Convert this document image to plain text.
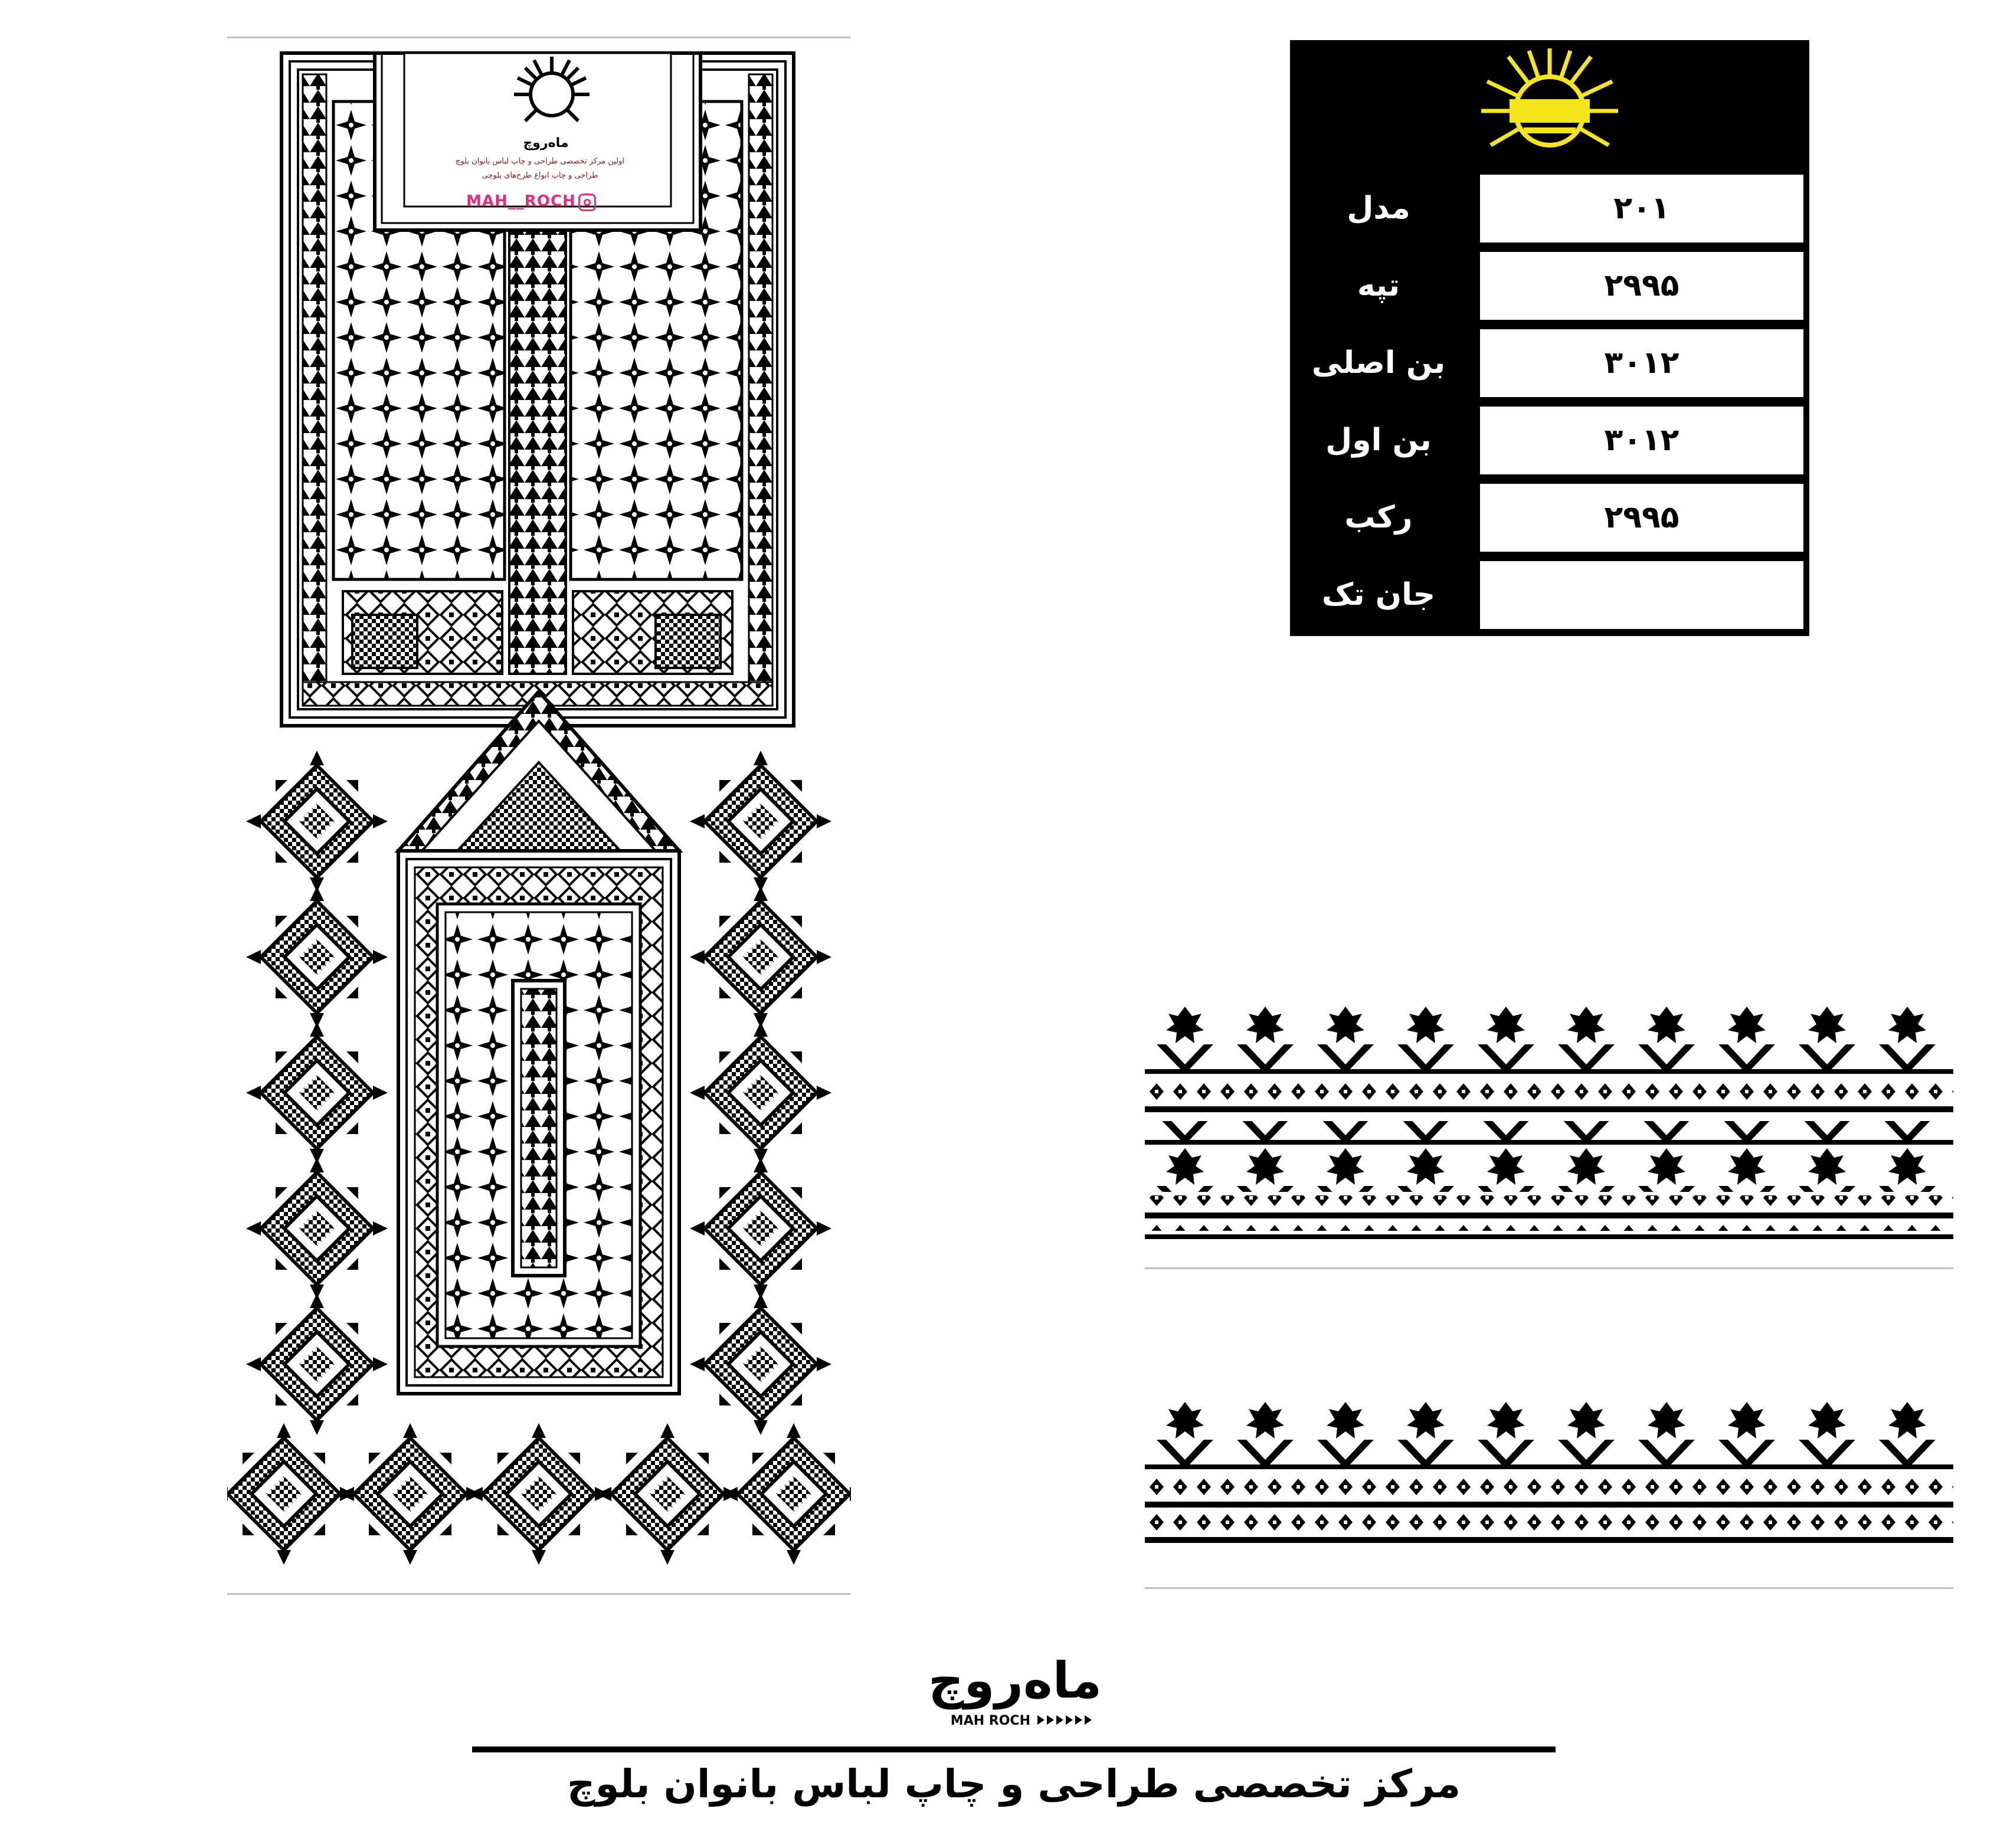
ماه‌روچ
اولین مرکز تخصصی طراحی و چاپ لباس بانوان بلوچ
طراحی و چاپ انواع طرح‌های بلوچی
MAH__ROCH	۲۰۱
مدل
۲۹۹۵
تپه
۳۰۱۲
بن اصلی
۳۰۱۲
بن اول
۲۹۹۵
رکب
جان تک
ماه‌روچ
MAH ROCH
مرکز تخصصی طراحی و چاپ لباس بانوان بلوچ
